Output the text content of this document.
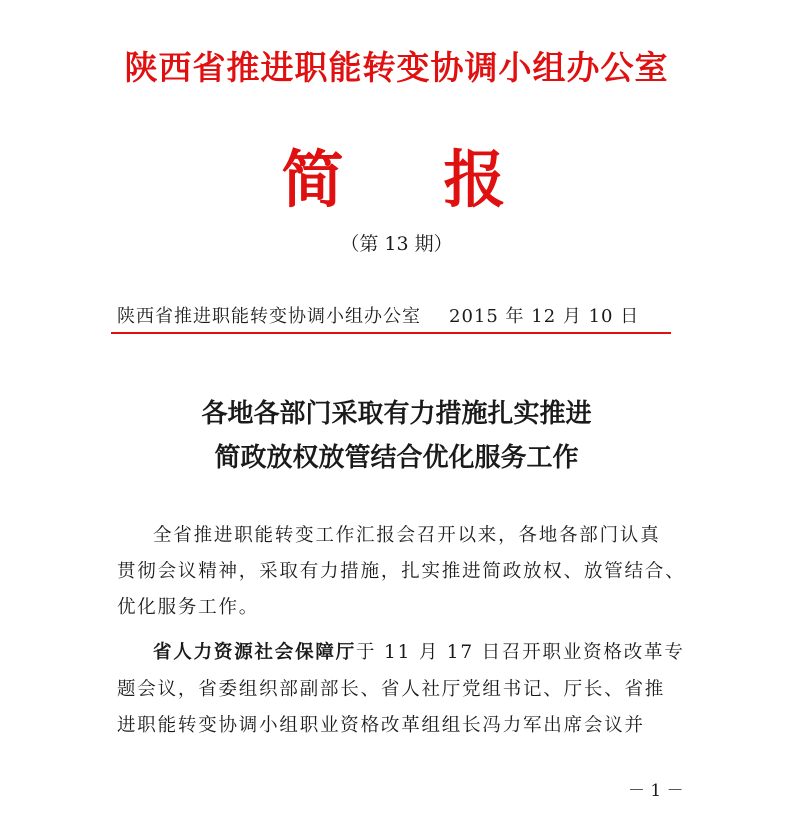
陕西省推进职能转变协调小组办公室
简 报
（第 13 期）
陕西省推进职能转变协调小组办公室 2015 年 12 月 10 日
各地各部门采取有力措施扎实推进
简政放权放管结合优化服务工作
全省推进职能转变工作汇报会召开以来，各地各部门认真
贯彻会议精神，采取有力措施，扎实推进简政放权、放管结合、
优化服务工作。
省人力资源社会保障厅于 11 月 17 日召开职业资格改革专
题会议，省委组织部副部长、省人社厅党组书记、厅长、省推
进职能转变协调小组职业资格改革组组长冯力军出席会议并
－ 1 －
